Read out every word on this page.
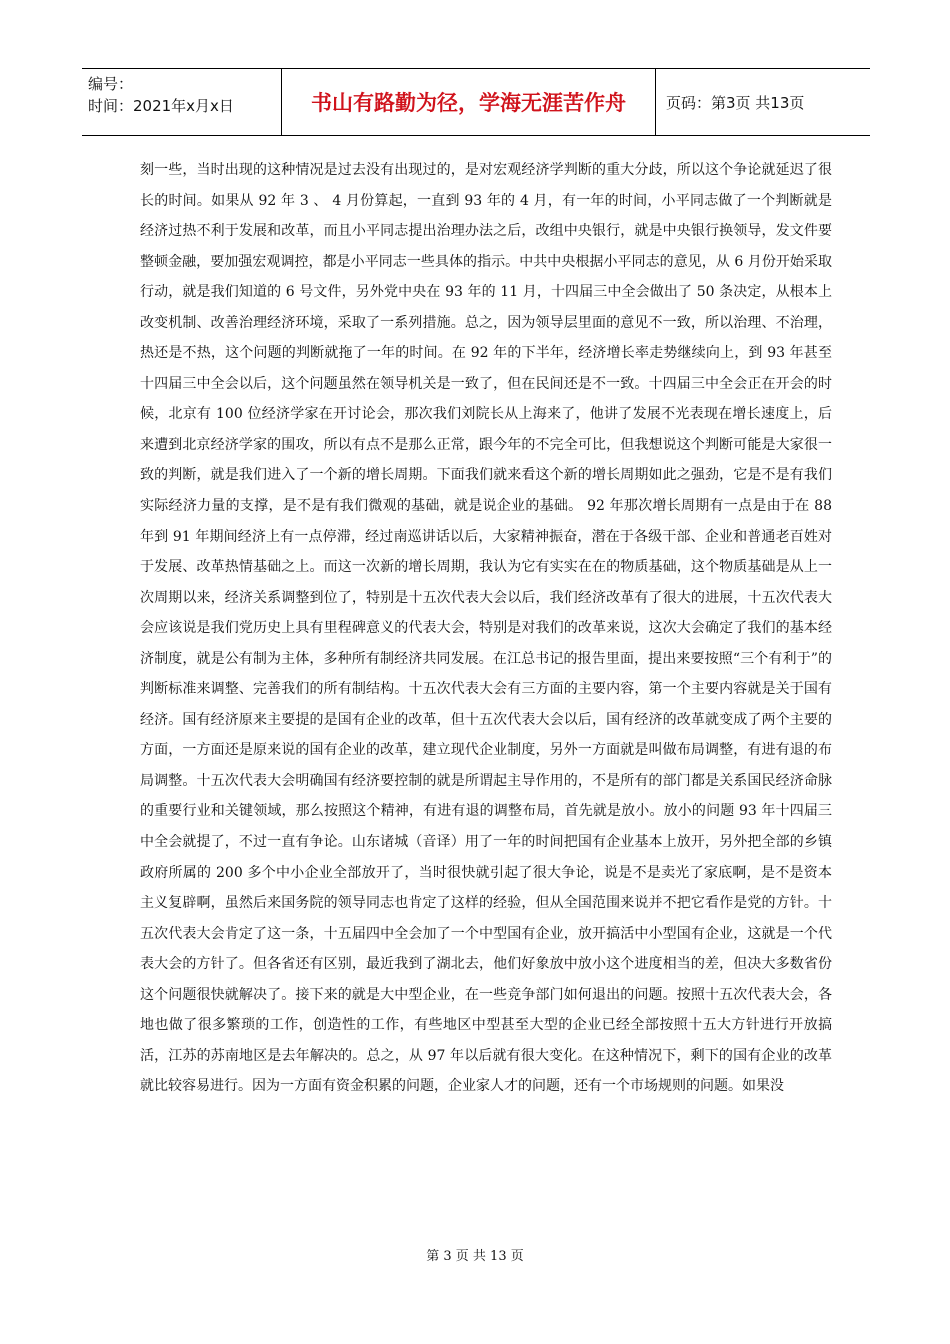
编号：
时间：2021年x月x日	书山有路勤为径，学海无涯苦作舟	页码：第3页 共13页

刻一些，当时出现的这种情况是过去没有出现过的，是对宏观经济学判断的重大分歧，所以这个争论就延迟了很长的时间。如果从 92 年 3 、 4 月份算起，一直到 93 年的 4 月，有一年的时间，小平同志做了一个判断就是经济过热不利于发展和改革，而且小平同志提出治理办法之后，改组中央银行，就是中央银行换领导，发文件要整顿金融，要加强宏观调控，都是小平同志一些具体的指示。中共中央根据小平同志的意见，从 6 月份开始采取行动，就是我们知道的 6 号文件，另外党中央在 93 年的 11 月，十四届三中全会做出了 50 条决定，从根本上改变机制、改善治理经济环境，采取了一系列措施。总之，因为领导层里面的意见不一致，所以治理、不治理，热还是不热，这个问题的判断就拖了一年的时间。在 92 年的下半年，经济增长率走势继续向上，到 93 年甚至十四届三中全会以后，这个问题虽然在领导机关是一致了，但在民间还是不一致。十四届三中全会正在开会的时候，北京有 100 位经济学家在开讨论会，那次我们刘院长从上海来了，他讲了发展不光表现在增长速度上，后来遭到北京经济学家的围攻，所以有点不是那么正常，跟今年的不完全可比，但我想说这个判断可能是大家很一致的判断，就是我们进入了一个新的增长周期。下面我们就来看这个新的增长周期如此之强劲，它是不是有我们实际经济力量的支撑，是不是有我们微观的基础，就是说企业的基础。 92 年那次增长周期有一点是由于在 88 年到 91 年期间经济上有一点停滞，经过南巡讲话以后，大家精神振奋，潜在于各级干部、企业和普通老百姓对于发展、改革热情基础之上。而这一次新的增长周期，我认为它有实实在在的物质基础，这个物质基础是从上一次周期以来，经济关系调整到位了，特别是十五次代表大会以后，我们经济改革有了很大的进展，十五次代表大会应该说是我们党历史上具有里程碑意义的代表大会，特别是对我们的改革来说，这次大会确定了我们的基本经济制度，就是公有制为主体，多种所有制经济共同发展。在江总书记的报告里面，提出来要按照“三个有利于”的判断标准来调整、完善我们的所有制结构。十五次代表大会有三方面的主要内容，第一个主要内容就是关于国有经济。国有经济原来主要提的是国有企业的改革，但十五次代表大会以后，国有经济的改革就变成了两个主要的方面，一方面还是原来说的国有企业的改革，建立现代企业制度，另外一方面就是叫做布局调整，有进有退的布局调整。十五次代表大会明确国有经济要控制的就是所谓起主导作用的，不是所有的部门都是关系国民经济命脉的重要行业和关键领域，那么按照这个精神，有进有退的调整布局，首先就是放小。放小的问题 93 年十四届三中全会就提了，不过一直有争论。山东诸城（音译）用了一年的时间把国有企业基本上放开，另外把全部的乡镇政府所属的 200 多个中小企业全部放开了，当时很快就引起了很大争论，说是不是卖光了家底啊，是不是资本主义复辟啊，虽然后来国务院的领导同志也肯定了这样的经验，但从全国范围来说并不把它看作是党的方针。十五次代表大会肯定了这一条，十五届四中全会加了一个中型国有企业，放开搞活中小型国有企业，这就是一个代表大会的方针了。但各省还有区别，最近我到了湖北去，他们好象放中放小这个进度相当的差，但决大多数省份这个问题很快就解决了。接下来的就是大中型企业，在一些竞争部门如何退出的问题。按照十五次代表大会，各地也做了很多繁琐的工作，创造性的工作，有些地区中型甚至大型的企业已经全部按照十五大方针进行开放搞活，江苏的苏南地区是去年解决的。总之，从 97 年以后就有很大变化。在这种情况下，剩下的国有企业的改革就比较容易进行。因为一方面有资金积累的问题，企业家人才的问题，还有一个市场规则的问题。如果没

第 3 页 共 13 页
